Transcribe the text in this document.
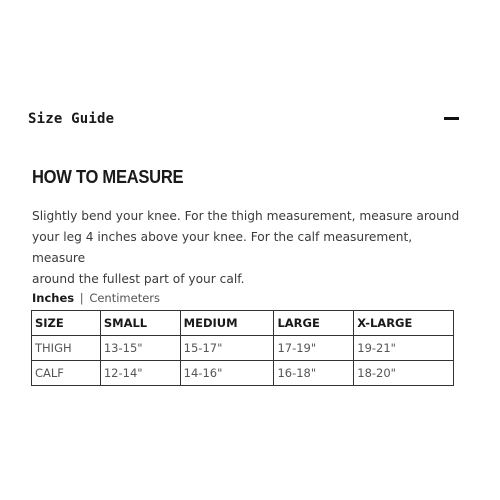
Size Guide
HOW TO MEASURE

Slightly bend your knee. For the thigh measurement, measure around
your leg 4 inches above your knee. For the calf measurement, measure
around the fullest part of your calf.

Inches | Centimeters
SIZE	SMALL	MEDIUM	LARGE	X-LARGE
THIGH	13-15"	15-17"	17-19"	19-21"
CALF	12-14"	14-16"	16-18"	18-20"
